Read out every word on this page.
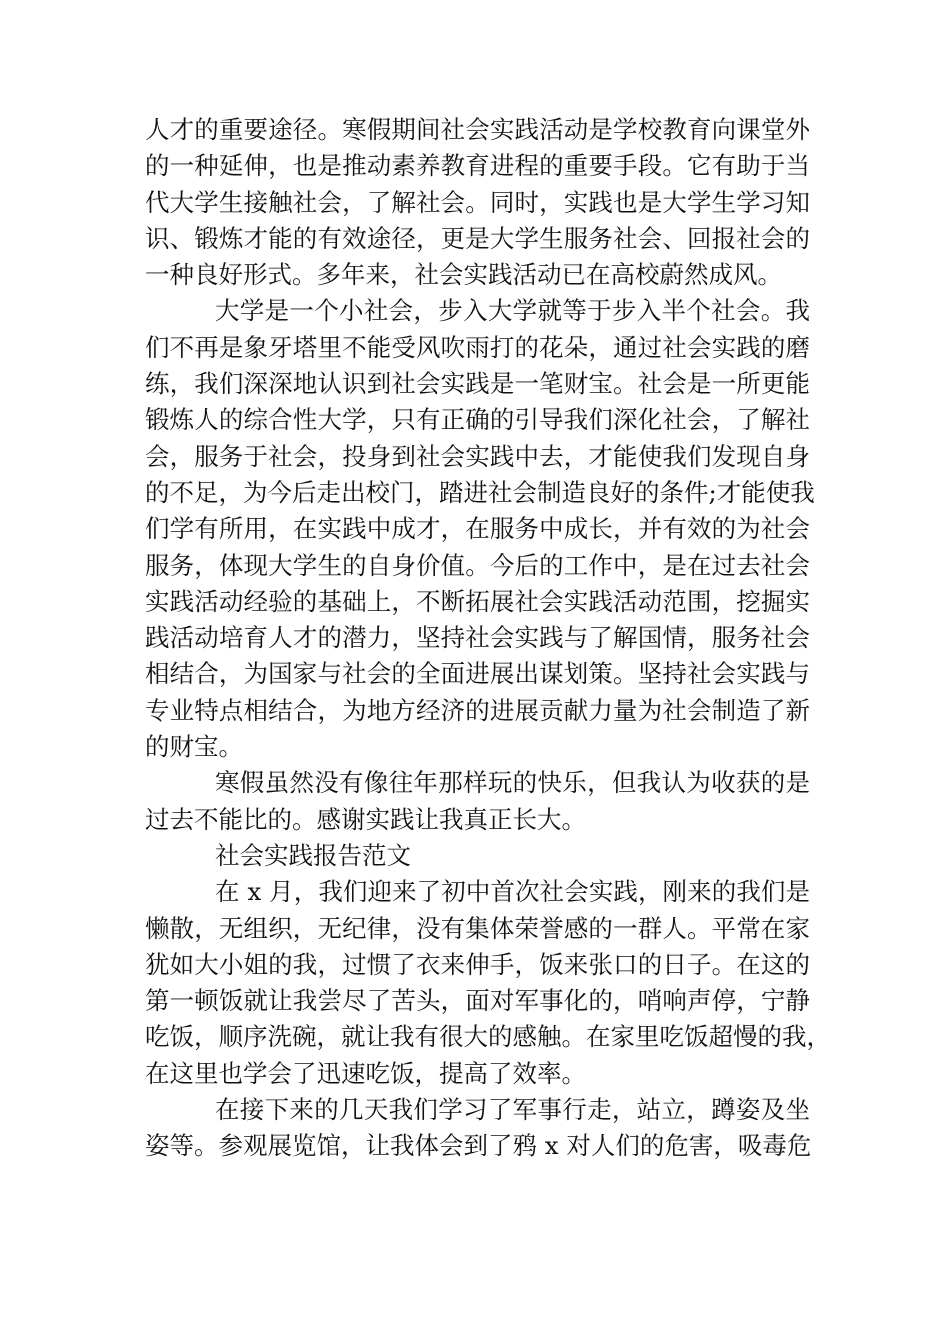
人才的重要途径。寒假期间社会实践活动是学校教育向课堂外
的一种延伸，也是推动素养教育进程的重要手段。它有助于当
代大学生接触社会，了解社会。同时，实践也是大学生学习知
识、锻炼才能的有效途径，更是大学生服务社会、回报社会的
一种良好形式。多年来，社会实践活动已在高校蔚然成风。
大学是一个小社会，步入大学就等于步入半个社会。我
们不再是象牙塔里不能受风吹雨打的花朵，通过社会实践的磨
练，我们深深地认识到社会实践是一笔财宝。社会是一所更能
锻炼人的综合性大学，只有正确的引导我们深化社会，了解社
会，服务于社会，投身到社会实践中去，才能使我们发现自身
的不足，为今后走出校门，踏进社会制造良好的条件;才能使我
们学有所用，在实践中成才，在服务中成长，并有效的为社会
服务，体现大学生的自身价值。今后的工作中，是在过去社会
实践活动经验的基础上，不断拓展社会实践活动范围，挖掘实
践活动培育人才的潜力，坚持社会实践与了解国情，服务社会
相结合，为国家与社会的全面进展出谋划策。坚持社会实践与
专业特点相结合，为地方经济的进展贡献力量为社会制造了新
的财宝。
寒假虽然没有像往年那样玩的快乐，但我认为收获的是
过去不能比的。感谢实践让我真正长大。
社会实践报告范文
在 x 月，我们迎来了初中首次社会实践，刚来的我们是
懒散，无组织，无纪律，没有集体荣誉感的一群人。平常在家
犹如大小姐的我，过惯了衣来伸手，饭来张口的日子。在这的
第一顿饭就让我尝尽了苦头，面对军事化的，哨响声停，宁静
吃饭，顺序洗碗，就让我有很大的感触。在家里吃饭超慢的我，
在这里也学会了迅速吃饭，提高了效率。
在接下来的几天我们学习了军事行走，站立，蹲姿及坐
姿等。参观展览馆，让我体会到了鸦 x 对人们的危害，吸毒危
